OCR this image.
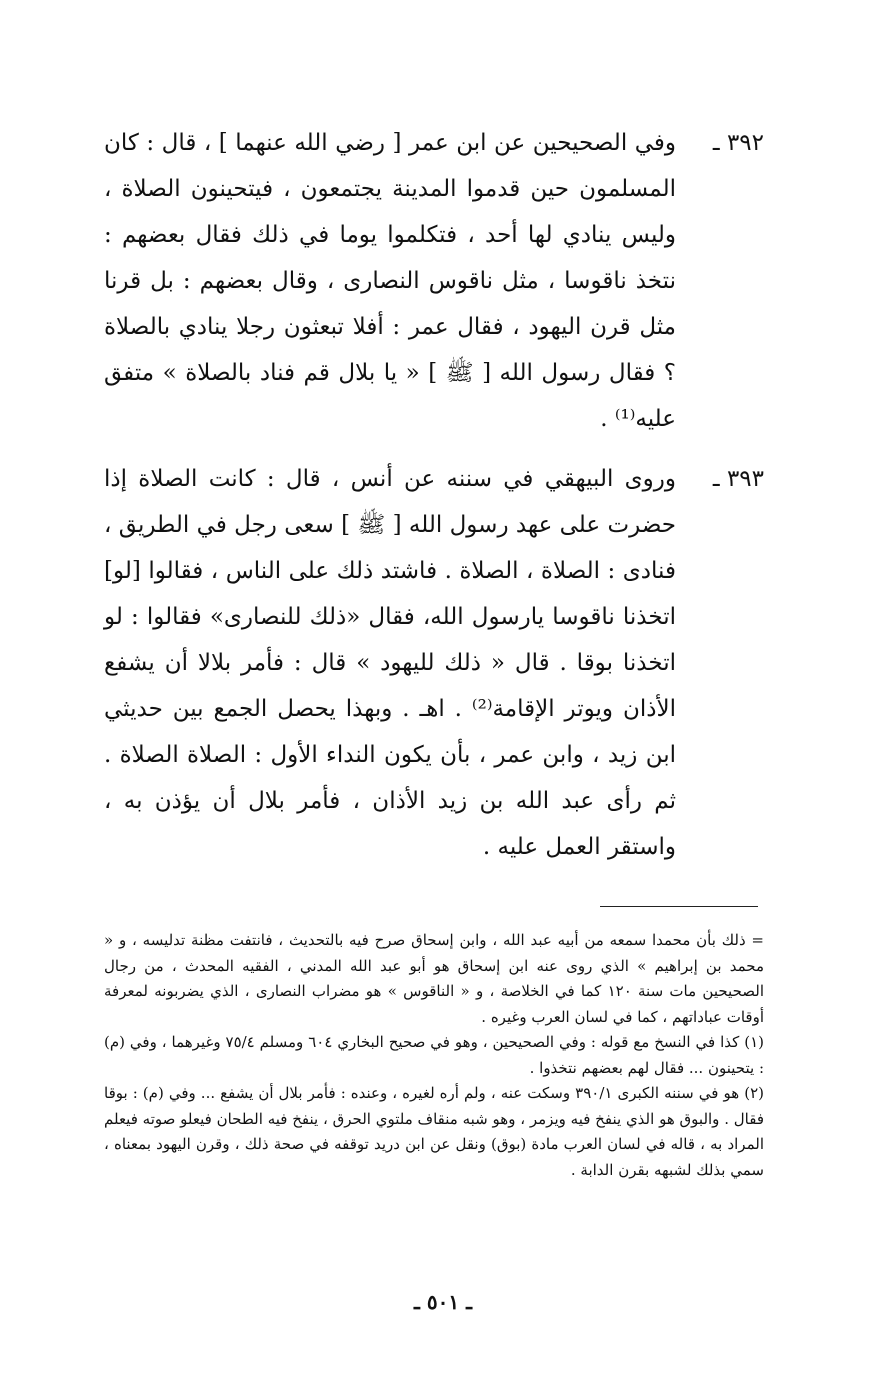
٣٩٢ ـ
وفي الصحيحين عن ابن عمر [ رضي الله عنهما ] ، قال : كان المسلمون حين قدموا المدينة يجتمعون ، فيتحينون الصلاة ، وليس ينادي لها أحد ، فتكلموا يوما في ذلك فقال بعضهم : نتخذ ناقوسا ، مثل ناقوس النصارى ، وقال بعضهم : بل قرنا مثل قرن اليهود ، فقال عمر : أفلا تبعثون رجلا ينادي بالصلاة ؟ فقال رسول الله [ ﷺ ] « يا بلال قم فناد بالصلاة » متفق عليه⁽¹⁾ .
٣٩٣ ـ
وروى البيهقي في سننه عن أنس ، قال : كانت الصلاة إذا حضرت على عهد رسول الله [ ﷺ ] سعى رجل في الطريق ، فنادى : الصلاة ، الصلاة . فاشتد ذلك على الناس ، فقالوا [لو] اتخذنا ناقوسا يارسول الله، فقال «ذلك للنصارى» فقالوا : لو اتخذنا بوقا . قال « ذلك لليهود » قال : فأمر بلالا أن يشفع الأذان ويوتر الإقامة⁽²⁾ . اهـ . وبهذا يحصل الجمع بين حديثي ابن زيد ، وابن عمر ، بأن يكون النداء الأول : الصلاة الصلاة . ثم رأى عبد الله بن زيد الأذان ، فأمر بلال أن يؤذن به ، واستقر العمل عليه .

= ذلك بأن محمدا سمعه من أبيه عبد الله ، وابن إسحاق صرح فيه بالتحديث ، فانتفت مظنة تدليسه ، و « محمد بن إبراهيم » الذي روى عنه ابن إسحاق هو أبو عبد الله المدني ، الفقيه المحدث ، من رجال الصحيحين مات سنة ١٢٠ كما في الخلاصة ، و « الناقوس » هو مضراب النصارى ، الذي يضربونه لمعرفة أوقات عباداتهم ، كما في لسان العرب وغيره .

(١) كذا في النسخ مع قوله : وفي الصحيحين ، وهو في صحيح البخاري ٦٠٤ ومسلم ٧٥/٤ وغيرهما ، وفي (م) : يتحينون ... فقال لهم بعضهم نتخذوا .

(٢) هو في سننه الكبرى ٣٩٠/١ وسكت عنه ، ولم أره لغيره ، وعنده : فأمر بلال أن يشفع ... وفي (م) : بوقا فقال . والبوق هو الذي ينفخ فيه ويزمر ، وهو شبه منقاف ملتوي الحرق ، ينفخ فيه الطحان فيعلو صوته فيعلم المراد به ، قاله في لسان العرب مادة (بوق) ونقل عن ابن دريد توقفه في صحة ذلك ، وقرن اليهود بمعناه ، سمي بذلك لشبهه بقرن الدابة .

ـ ٥٠١ ـ
